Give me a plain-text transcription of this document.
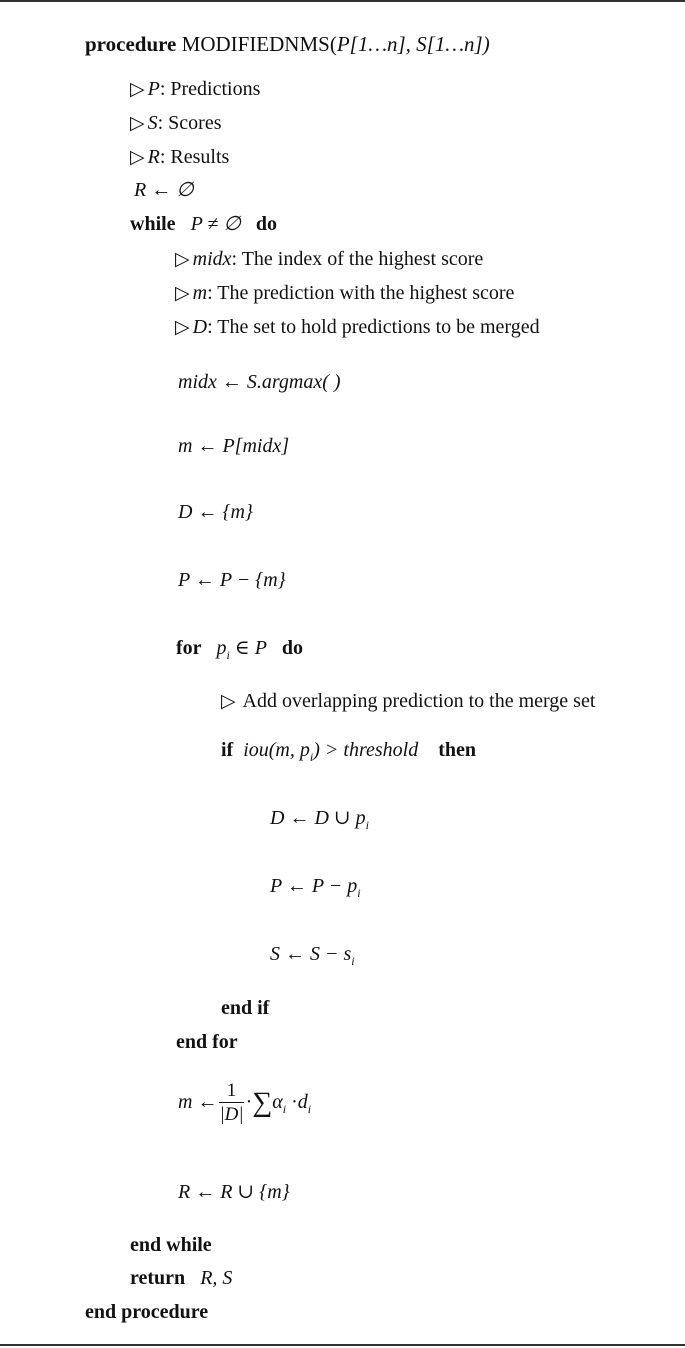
procedure MODIFIEDNMS(P[1…n], S[1…n])
▷ P: Predictions
▷ S: Scores
▷ R: Results
R ← ∅
while P ≠ ∅ do
▷ midx: The index of the highest score
▷ m: The prediction with the highest score
▷ D: The set to hold predictions to be merged
midx ← S.argmax( )
m ← P[midx]
D ← {m}
P ← P − {m}
for $p_i$ ∈ P do
▷ Add overlapping prediction to the merge set
if iou(m, $p_i$) > threshold then
D ← D ∪ $p_i$
P ← $P - p_i$
S ← $S - s_i$
end if
end for
m ← $\frac{1}{|D|} \cdot\sum\alpha_i \cdot d_i$
R ← R ∪ {m}
end while
return R, S
end procedure
